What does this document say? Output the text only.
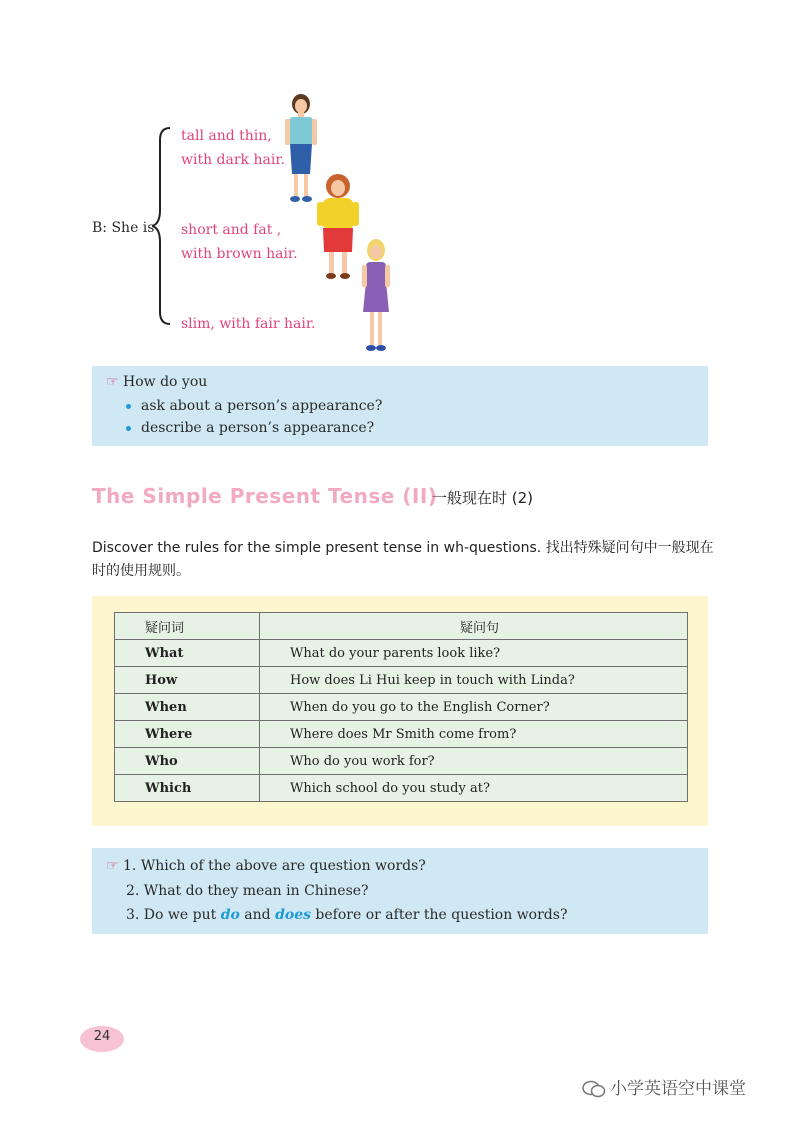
B: She is
tall and thin,
with dark hair.
short and fat ,
with brown hair.
slim, with fair hair.
☞ How do you
ask about a person’s appearance?
describe a person’s appearance?
The Simple Present Tense (II)
一般现在时 (2)
Discover the rules for the simple present tense in wh-questions. 找出特殊疑问句中一般现在时的使用规则。
疑问词	疑问句
What	What do your parents look like?
How	How does Li Hui keep in touch with Linda?
When	When do you go to the English Corner?
Where	Where does Mr Smith come from?
Who	Who do you work for?
Which	Which school do you study at?
☞ 1. Which of the above are question words?
2. What do they mean in Chinese?
3. Do we put do and does before or after the question words?
24
小学英语空中课堂
